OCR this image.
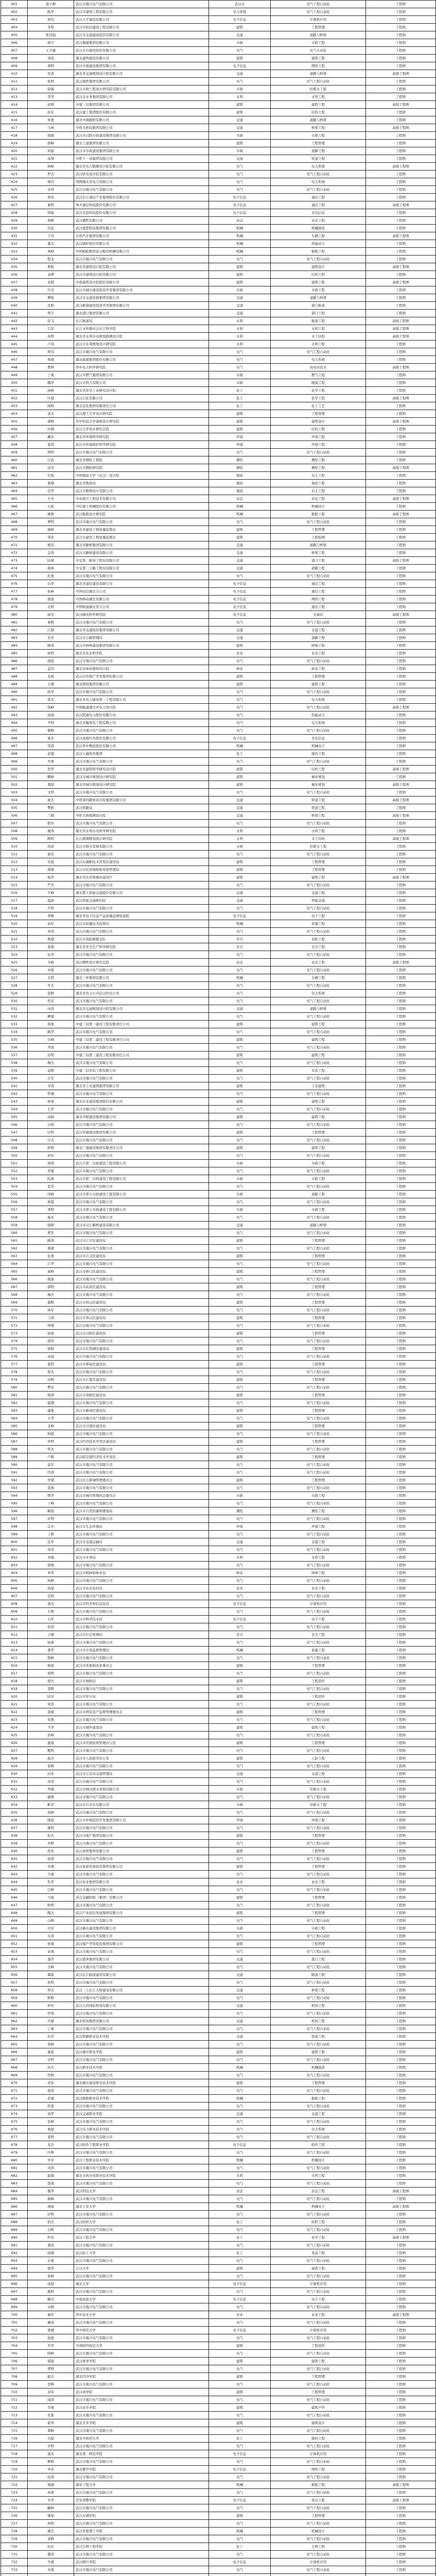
401	唐小辉	武汉市晟兴电气有限公司	武汉市	电气工程自动化	工程师
402	陈华	武汉市建筑工程有限公司	电力系统	电气工程自动化	工程师
403	胡伟	武汉天宇建设有限公司	电子信息	计算机应用	工程师
404	李鸣	武汉市恒信建设工程有限公司	建筑	工程管理	工程师
405	张伟强	武汉市交通建设投资有限公司	交通	道路与桥梁	工程师
406	杨宇	武汉城建集团有限公司	市政	市政工程	工程师
407	王文斌	武汉光谷建设投资有限公司	电气	电气自动化	工程师
408	刘波	湖北建科建设有限公司	建筑	建筑工程	工程师
409	周明	武汉中南建设集团有限公司	电子信息	网络工程	工程师
410	吴涛	湖北省交通规划设计院有限公司	交通	道路与桥梁	高级工程师
411	张明	武汉地铁集团有限公司	电气	电气工程自动化	工程师
412	徐海	武汉市政工程设计研究院有限公司	市政	给排水工程	工程师
413	李华	武汉市水务集团有限公司	水利	水利工程	工程师
414	赵刚	中建三局集团有限公司	建筑	建筑工程	高级工程师
415	孙军	武汉建工集团股份有限公司	建筑	结构工程	工程师
416	朱勇	湖北中南路桥有限公司	交通	道路与桥梁	工程师
417	马林	中铁大桥局集团有限公司	交通	桥梁工程	高级工程师
418	胡斌	武汉市汉阳市政建设集团有限公司	市政	市政工程	工程师
419	郭峰	湖北工建集团有限公司	建筑	工程管理	工程师
420	何磊	武汉市市政建设集团有限公司	市政	道路工程	工程师
421	高翔	中铁十一局集团有限公司	交通	铁道工程	工程师
422	林峰	湖北省电力勘测设计院有限公司	电气	电力系统	高级工程师
423	罗杰	武汉供电设计院有限公司	电气	电气工程自动化	工程师
424	梁伟	国网湖北省电力有限公司	电气	电力系统	工程师
425	宋涛	武汉市晟兴电气有限公司	电气	电气工程自动化	工程师
426	郑军	武汉长江通信产业集团股份有限公司	电子信息	通信工程	工程师
427	谢明	烽火通信科技股份有限公司	电子信息	通信工程	高级工程师
428	韩强	武汉光迅科技股份有限公司	电子信息	光电信息	工程师
429	唐辉	武汉钢铁有限公司	冶金	冶金工程	工程师
430	冯波	武汉重型机床集团有限公司	机械	机械制造	工程师
431	于洋	东风汽车集团有限公司	机械	车辆工程	高级工程师
432	董杰	武汉锅炉股份有限公司	机械	热能动力	工程师
433	萧峰	中国船舶集团武汉船用机械有限公司	机械	船舶工程	工程师
434	程龙	武汉市晟兴电气有限公司	电气	电气工程自动化	工程师
435	曹阳	湖北省建筑设计院有限公司	建筑	建筑设计	高级工程师
436	袁博	武汉市建筑设计院有限公司	建筑	结构工程	工程师
437	邓超	中南建筑设计院股份有限公司	建筑	建筑工程	高级工程师
438	许亮	武汉市城市建设投资开发集团有限公司	市政	市政工程	工程师
439	傅强	武汉市交通发展集团有限公司	交通	道路与桥梁	工程师
440	沈阳	武汉新港建设投资开发集团有限公司	交通	港口航道	工程师
441	曾宇	湖北港口集团有限公司	交通	港口工程	工程师
442	彭飞	长江航道局	水利	航道工程	高级工程师
443	吕军	长江水利委员会长江科学院	水利	水利工程	高级工程师
444	苏明	湖北省水利水电规划勘测设计院	水利	水工结构	高级工程师
445	卢涛	武汉市水利规划设计研究院	水利	水利工程	工程师
446	蒋伟	武汉市晟兴电气有限公司	电气	电气工程自动化	工程师
447	蔡斌	湖北能源集团股份有限公司	电气	电力系统	工程师
448	贾林	华中电力科学研究院	电气	高电压技术	高级工程师
449	丁勇	武汉市燃气集团有限公司	市政	燃气工程	工程师
450	魏华	武汉市热力有限公司	市政	暖通工程	工程师
451	薛峰	湖北省化学工业研究设计院	化工	化学工程	工程师
452	叶磊	武汉石化有限公司	化工	化学工程	高级工程师
453	阎明	湖北宜化集团有限责任公司	化工	化工工艺	工程师
454	余杰	武汉理工大学设计研究院	建筑	工程管理	工程师
455	潘辉	华中科技大学建筑设计研究院	建筑	建筑设计	高级工程师
456	杜刚	武汉大学设计研究总院	建筑	结构工程	工程师
457	戴军	湖北省环境科学研究院	环境	环境工程	工程师
458	夏涛	武汉市环境保护科学研究院	环境	环境工程	工程师
459	钟明	武汉市晟兴电气有限公司	电气	电气工程自动化	工程师
460	汪波	湖北省测绘工程院	测绘	测绘工程	工程师
461	田伟	武汉市测绘研究院	测绘	测绘工程	高级工程师
462	任强	中国地质大学（武汉）设计院	地质	岩土工程	工程师
463	姜斌	湖北省地质局	地质	地质工程	工程师
464	范华	武汉市勘察设计有限公司	地质	岩土工程	工程师
465	方杰	中冶南方工程技术有限公司	冶金	冶金工程	高级工程师
466	石磊	中信重工机械股份有限公司	机械	机械设计	工程师
467	姚辉	武汉船舶设计研究院	机械	船舶工程	高级工程师
468	谭明	武汉市晟兴电气有限公司	电气	电气工程自动化	工程师
469	廖峰	湖北省建设工程质量监督站	建筑	工程管理	工程师
470	邹军	武汉市建设工程质量监督站	建筑	工程检测	工程师
471	熊伟	湖北省路桥集团有限公司	交通	道路与桥梁	工程师
472	金涛	武汉市路桥建设有限公司	交通	桥梁工程	工程师
473	陆斌	中交第二航务工程局有限公司	交通	港口工程	高级工程师
474	郝林	中交第二公路工程局有限公司	交通	道路工程	工程师
475	孔勇	武汉市晟兴电气有限公司	电气	电气工程自动化	工程师
476	白华	湖北省通信建设有限公司	电子信息	通信工程	工程师
477	崔峰	中国电信湖北分公司	电子信息	通信工程	工程师
478	康磊	中国移动湖北有限公司	电子信息	网络工程	工程师
479	毛明	中国联通湖北省分公司	电子信息	通信工程	工程师
480	邱杰	武汉邮电科学研究院	电子信息	光通信	高级工程师
481	秦辉	武汉市晟兴电气有限公司	电气	电气工程自动化	工程师
482	江刚	湖北省交通投资集团有限公司	交通	交通工程	工程师
483	史军	武汉市公路管理局	交通	道路工程	工程师
484	顾涛	武汉市园林建设集团有限公司	建筑	园林工程	工程师
485	侯明	湖北省农业科学院	农业	农业工程	工程师
486	邵波	武汉市晟兴电气有限公司	电气	电气工程自动化	工程师
487	孟伟	湖北省林业勘察设计院	林业	林业工程	工程师
488	龙强	武汉市房地产开发集团有限公司	建筑	工程管理	工程师
489	万斌	湖北联投集团有限公司	建筑	建筑工程	工程师
490	段华	武汉市晟兴电气有限公司	电气	电气工程自动化	工程师
491	雷杰	湖北省电力建设第一工程有限公司	电气	电力系统	工程师
492	钱峰	中国能建湖北省电力设计院	电气	电气工程自动化	高级工程师
493	汤磊	武汉凯迪电力股份有限公司	电气	热能动力	工程师
494	尹明	湖北省輸变电工程有限公司	电气	电力系统	工程师
495	黎辉	武汉市晟兴电气有限公司	电气	电气工程自动化	工程师
496	易军	武汉高德红外股份有限公司	电子信息	光电信息	工程师
497	常涛	武汉华中数控股份有限公司	机械	机械电子	工程师
498	武斌	武汉人福医药集团	化工	制药工程	工程师
499	乔勇	武汉市晟兴电气有限公司	电气	电气工程自动化	工程师
500	贺华	湖北省建筑科学研究设计院	建筑	结构工程	高级工程师
501	赖峰	武汉市城市规划设计研究院	建筑	城乡规划	工程师
502	龚磊	湖北省城市规划设计研究院	建筑	城乡规划	高级工程师
503	文明	武汉市晟兴电气有限公司	电气	电气工程自动化	工程师
504	庞杰	中铁第四勘察设计院集团有限公司	交通	铁道工程	高级工程师
505	樊辉	武汉铁路局	交通	铁道工程	工程师
506	兰刚	中铁大桥勘测设计院	交通	桥梁工程	高级工程师
507	殷军	武汉市晟兴电气有限公司	电气	电气工程自动化	工程师
508	施涛	湖北省水利水电科学研究院	水利	水利工程	工程师
509	陶明	长江勘测规划设计研究院	水利	水工结构	高级工程师
510	洪波	武汉市排水发展有限公司	市政	给排水工程	工程师
511	翟伟	武汉市晟兴电气有限公司	电气	电气工程自动化	工程师
512	安强	武汉东湖新技术开发区建设局	建筑	工程管理	工程师
513	颜斌	武汉市住房保障和房屋管理局	建筑	工程管理	工程师
514	倪华	湖北省住房和城乡建设厅	建筑	建筑工程	高级工程师
515	严杰	武汉市晟兴电气有限公司	电气	电气工程自动化	工程师
516	牛峰	湖北楚天智能交通股份有限公司	交通	交通工程	工程师
517	温磊	武汉智能交通研究院	交通	智能交通	工程师
518	芦明	武汉市晟兴电气有限公司	电气	电气工程自动化	工程师
519	季辉	湖北省电子信息产品质量监督检验院	电子信息	电子工程	工程师
520	俞军	武汉市质量技术监督局	机械	质量工程	工程师
521	章涛	武汉市晟兴电气有限公司	电气	电气工程自动化	工程师
522	鲁斌	武汉市消防救援支队	安全	消防工程	工程师
523	葛勇	湖北省安全生产科学研究院	安全	安全工程	工程师
524	伍华	武汉市晟兴电气有限公司	电气	电气工程自动化	工程师
525	韦峰	武汉钢铁设计研究总院	冶金	冶金工程	高级工程师
526	申磊	武汉市晟兴电气有限公司	电气	电气工程自动化	工程师
527	尤明	湖北三环集团有限公司	机械	车辆工程	工程师
528	毕杰	武汉市晟兴电气有限公司	电气	电气工程自动化	工程师
529	聂辉	湖北省电力公司武汉供电公司	电气	电力系统	工程师
530	焦军	武汉市晟兴电气有限公司	电气	电气工程自动化	工程师
531	向涛	湖北省交通规划设计院有限公司	交通	道路与桥梁	工程师
532	柳斌	武汉市晟兴电气有限公司	电气	电气工程自动化	工程师
533	邢勇	中建三局第一建设工程有限责任公司	建筑	建筑工程	工程师
534	路华	武汉市晟兴电气有限公司	电气	电气工程自动化	工程师
535	岳峰	中建三局第二建设工程有限责任公司	建筑	建筑工程	工程师
536	齐磊	武汉市晟兴电气有限公司	电气	电气工程自动化	工程师
537	沿明	中建三局第三建设工程有限责任公司	建筑	建筑工程	工程师
538	梅杰	武汉市晟兴电气有限公司	电气	电气工程自动化	工程师
539	莫辉	中建三局安装工程有限公司	建筑	安装工程	工程师
540	庄军	武汉市晟兴电气有限公司	电气	电气工程自动化	工程师
541	辛涛	湖北省工业建筑集团有限公司	建筑	工业建筑	工程师
542	管斌	武汉市晟兴电气有限公司	电气	电气工程自动化	工程师
543	祝勇	湖北长安建设集团股份有限公司	建筑	建筑工程	工程师
544	左华	武汉市晟兴电气有限公司	电气	电气工程自动化	工程师
545	涂峰	湖北中阳建设集团有限公司	建筑	建筑工程	工程师
546	谷磊	武汉市晟兴电气有限公司	电气	电气工程自动化	工程师
547	时明	武汉华盛建设集团有限公司	建筑	工程管理	工程师
548	付杰	武汉市晟兴电气有限公司	电气	电气工程自动化	工程师
549	舒辉	湖北广盛建设集团有限责任公司	建筑	建筑工程	工程师
550	屈军	武汉市晟兴电气有限公司	电气	电气工程自动化	工程师
551	项涛	武汉市第二市政建设工程有限公司	市政	市政工程	工程师
552	祁斌	武汉市晟兴电气有限公司	电气	电气工程自动化	工程师
553	阮勇	武汉市第三市政建设工程有限公司	市政	市政工程	工程师
554	蓝华	武汉市晟兴电气有限公司	电气	电气工程自动化	工程师
555	闵峰	武汉市第五市政建设工程有限公司	市政	道路工程	工程师
556	席磊	武汉市晟兴电气有限公司	电气	电气工程自动化	工程师
557	季明	武汉市第七市政建设工程有限公司	市政	市政工程	工程师
558	麻杰	武汉市晟兴电气有限公司	电气	电气工程自动化	工程师
559	强辉	武汉市汉江路桥建设有限公司	交通	道路与桥梁	工程师
560	贾军	武汉市晟兴电气有限公司	电气	电气工程自动化	工程师
561	路涛	武汉市江岸区建设局	建筑	工程管理	工程师
562	娄斌	武汉市晟兴电气有限公司	电气	电气工程自动化	工程师
563	危勇	武汉市江汉区建设局	建筑	工程管理	工程师
564	江华	武汉市晟兴电气有限公司	电气	电气工程自动化	工程师
565	童峰	武汉市硚口区建设局	建筑	工程管理	工程师
566	颜磊	武汉市晟兴电气有限公司	电气	电气工程自动化	工程师
567	郭明	武汉市武昌区建设局	建筑	工程管理	工程师
568	梅杰	武汉市晟兴电气有限公司	电气	电气工程自动化	工程师
569	盛辉	武汉市洪山区建设局	建筑	工程管理	工程师
570	林军	武汉市晟兴电气有限公司	电气	电气工程自动化	工程师
571	刁涛	武汉市青山区建设局	建筑	工程管理	工程师
572	钟斌	武汉市晟兴电气有限公司	电气	电气工程自动化	工程师
573	徐勇	武汉市汉阳区建设局	建筑	工程管理	工程师
574	邱华	武汉市晟兴电气有限公司	电气	电气工程自动化	工程师
575	骆峰	武汉市东西湖区建设局	建筑	工程管理	工程师
576	高磊	武汉市晟兴电气有限公司	电气	电气工程自动化	工程师
577	夏明	武汉市蔡甸区建设局	建筑	工程管理	工程师
578	蔡杰	武汉市晟兴电气有限公司	电气	电气工程自动化	工程师
579	田辉	武汉市江夏区建设局	建筑	工程管理	工程师
580	樊军	武汉市晟兴电气有限公司	电气	电气工程自动化	工程师
581	胡涛	武汉市黄陂区建设局	建筑	工程管理	工程师
582	霍斌	武汉市晟兴电气有限公司	电气	电气工程自动化	工程师
583	虞勇	武汉市新洲区建设局	建筑	工程管理	工程师
584	万华	武汉市晟兴电气有限公司	电气	电气工程自动化	工程师
585	支峰	武汉市汉南区建设局	建筑	工程管理	工程师
586	柯磊	武汉市晟兴电气有限公司	电气	电气工程自动化	工程师
587	昝明	武汉经济技术开发区建设局	建筑	工程管理	工程师
588	管杰	武汉市晟兴电气有限公司	电气	电气工程自动化	工程师
589	卢辉	武汉临空港经济技术开发区	建筑	工程管理	工程师
590	莫军	武汉市晟兴电气有限公司	电气	电气工程自动化	工程师
591	经涛	武汉市晟兴电气有限公司	电气	电气工程自动化	工程师
592	房斌	武汉长江新城管理委员会	建筑	工程管理	工程师
593	裘勇	武汉市晟兴电气有限公司	电气	电气工程自动化	工程师
594	缪华	武汉市城市管理执法委员会	市政	市政工程	工程师
595	干峰	武汉市晟兴电气有限公司	电气	电气工程自动化	工程师
596	解磊	武汉市自然资源和规划局	测绘	测绘工程	工程师
597	应明	武汉市晟兴电气有限公司	电气	电气工程自动化	工程师
598	宗杰	武汉市生态环境局	环境	环境工程	工程师
599	丁辉	武汉市晟兴电气有限公司	电气	电气工程自动化	工程师
600	宣军	武汉市交通运输局	交通	交通工程	工程师
601	贲涛	武汉市晟兴电气有限公司	电气	电气工程自动化	工程师
602	邓斌	武汉市水务局	水利	水利工程	工程师
603	郁勇	武汉市晟兴电气有限公司	电气	电气工程自动化	工程师
604	单华	武汉市园林和林业局	林业	园林工程	工程师
605	杭峰	武汉市晟兴电气有限公司	电气	电气工程自动化	工程师
606	洪磊	武汉市农业农村局	农业	农业工程	工程师
607	包明	武汉市晟兴电气有限公司	电气	电气工程自动化	工程师
608	诸杰	武汉市经济和信息化局	电子信息	计算机应用	工程师
609	左辉	武汉市晟兴电气有限公司	电气	电气工程自动化	工程师
610	石军	武汉市科学技术局	电子信息	电子工程	工程师
611	崔涛	武汉市晟兴电气有限公司	电气	电气工程自动化	工程师
612	吉斌	武汉市应急管理局	安全	安全工程	工程师
613	钮勇	武汉市晟兴电气有限公司	电气	电气工程自动化	工程师
614	龚华	武汉市市场监督管理局	机械	质量工程	工程师
615	程峰	武汉市晟兴电气有限公司	电气	电气工程自动化	工程师
616	嵇磊	武汉市发展和改革委员会	建筑	工程管理	工程师
617	邢明	武汉市晟兴电气有限公司	电气	电气工程自动化	工程师
618	滑杰	武汉市财政局	建筑	工程造价	工程师
619	裴辉	武汉市晟兴电气有限公司	电气	电气工程自动化	工程师
620	陆军	武汉市审计局	建筑	工程造价	工程师
621	荣涛	武汉市晟兴电气有限公司	电气	电气工程自动化	工程师
622	翁斌	武汉市国有资产监督管理委员会	建筑	工程管理	工程师
623	荀勇	武汉市晟兴电气有限公司	电气	电气工程自动化	工程师
624	羊华	武汉市城乡建设局	建筑	建筑工程	工程师
625	於峰	武汉市晟兴电气有限公司	电气	电气工程自动化	工程师
626	惠磊	武汉市房屋征收管理办公室	建筑	工程管理	工程师
627	甄明	武汉市晟兴电气有限公司	电气	电气工程自动化	工程师
628	曲杰	武汉市人民防空办公室	建筑	人防工程	工程师
629	家辉	武汉市晟兴电气有限公司	电气	电气工程自动化	工程师
630	封军	武汉市公安局交通管理局	交通	交通工程	工程师
631	芮涛	武汉市晟兴电气有限公司	电气	电气工程自动化	工程师
632	羿斌	武汉市城市排水发展有限公司	市政	给排水工程	工程师
633	储勇	武汉市晟兴电气有限公司	电气	电气工程自动化	工程师
634	靳华	武汉市自来水有限公司	市政	给排水工程	工程师
635	汲峰	武汉市晟兴电气有限公司	电气	电气工程自动化	工程师
636	邴磊	武汉市环境投资开发集团有限公司	环境	环境工程	工程师
637	糜明	武汉市晟兴电气有限公司	电气	电气工程自动化	工程师
638	松杰	武汉市地产集团有限公司	建筑	工程管理	工程师
639	井辉	武汉市晟兴电气有限公司	电气	电气工程自动化	工程师
640	段军	武汉商贸集团有限公司	建筑	工程管理	工程师
641	富涛	武汉市晟兴电气有限公司	电气	电气工程自动化	工程师
642	巫斌	武汉旅游发展投资集团有限公司	建筑	工程管理	工程师
643	乌勇	武汉市晟兴电气有限公司	电气	电气工程自动化	工程师
644	焦华	武汉农业集团有限公司	农业	农业工程	工程师
645	巴峰	武汉市晟兴电气有限公司	电气	电气工程自动化	工程师
646	弓磊	武汉金融控股（集团）有限公司	建筑	工程管理	工程师
647	牧明	武汉市晟兴电气有限公司	电气	电气工程自动化	工程师
648	隗杰	武汉产业投资发展集团有限公司	建筑	工程管理	工程师
649	山辉	武汉市晟兴电气有限公司	电气	电气工程自动化	工程师
650	谷军	武汉城市建设集团有限公司	市政	市政工程	工程师
651	车涛	武汉市晟兴电气有限公司	电气	电气工程自动化	工程师
652	侯斌	武汉地产开发投资集团有限公司	建筑	工程管理	工程师
653	宓勇	武汉市晟兴电气有限公司	电气	电气工程自动化	工程师
654	蓬华	武汉港务集团有限公司	交通	港口工程	工程师
655	全峰	武汉市晟兴电气有限公司	电气	电气工程自动化	工程师
656	郗磊	武汉长江隧道建设有限公司	交通	隧道工程	工程师
657	班明	武汉市晟兴电气有限公司	电气	电气工程自动化	工程师
658	仰杰	武汉二七长江大桥建设有限公司	交通	桥梁工程	工程师
659	秋辉	武汉市晟兴电气有限公司	电气	电气工程自动化	工程师
660	仲军	武汉天河国际机场有限公司	交通	机场工程	工程师
661	伊涛	武汉市晟兴电气有限公司	电气	电气工程自动化	工程师
662	宫斌	湖北机场集团有限公司	交通	机场工程	工程师
663	宁勇	武汉市晟兴电气有限公司	电气	电气工程自动化	工程师
664	仇华	武汉铁路职业技术学院	交通	铁道工程	工程师
665	栾峰	武汉市晟兴电气有限公司	电气	电气工程自动化	工程师
666	暴磊	武汉城市职业学院	建筑	建筑工程	工程师
667	甘明	武汉市晟兴电气有限公司	电气	电气工程自动化	工程师
668	钭杰	武汉职业技术学院	机械	机械制造	工程师
669	厉辉	武汉市晟兴电气有限公司	电气	电气工程自动化	工程师
670	戎军	湖北城市建设职业技术学院	建筑	工程管理	工程师
671	祖涛	武汉市晟兴电气有限公司	电气	电气工程自动化	工程师
672	武斌	武汉船舶职业技术学院	机械	船舶工程	工程师
673	符勇	武汉市晟兴电气有限公司	电气	电气工程自动化	工程师
674	刘华	武汉交通职业学院	交通	交通工程	工程师
675	景峰	武汉市晟兴电气有限公司	电气	电气工程自动化	工程师
676	詹磊	武汉电力职业技术学院	电气	电力系统	工程师
677	束明	武汉市晟兴电气有限公司	电气	电气工程自动化	工程师
678	龙杰	武汉软件工程职业学院	电子信息	软件工程	工程师
679	叶辉	武汉市晟兴电气有限公司	电气	电气工程自动化	工程师
680	幸军	武汉工程职业技术学院	机械	机械设计	工程师
681	司涛	武汉市晟兴电气有限公司	电气	电气工程自动化	工程师
682	韶斌	湖北水利水电职业技术学院	水利	水利工程	工程师
683	郜勇	武汉市晟兴电气有限公司	电气	电气工程自动化	工程师
684	黎华	武汉科技大学	冶金	冶金工程	高级工程师
685	蓟峰	武汉市晟兴电气有限公司	电气	电气工程自动化	工程师
686	薄磊	湖北工业大学	机械	机械电子	高级工程师
687	印明	武汉市晟兴电气有限公司	电气	电气工程自动化	工程师
688	宿杰	武汉纺织大学	化工	纺织工程	工程师
689	白辉	武汉市晟兴电气有限公司	电气	电气工程自动化	工程师
690	怀军	武汉工程大学	化工	化学工程	高级工程师
691	蒲涛	武汉市晟兴电气有限公司	电气	电气工程自动化	工程师
692	邰斌	武汉轻工大学	化工	食品工程	工程师
693	从勇	武汉市晟兴电气有限公司	电气	电气工程自动化	工程师
694	鄂华	江汉大学	建筑	建筑工程	工程师
695	索峰	武汉市晟兴电气有限公司	电气	电气工程自动化	工程师
696	咸磊	湖北大学	电子信息	计算机应用	工程师
697	籍明	武汉市晟兴电气有限公司	电气	电气工程自动化	工程师
698	赖杰	中南民族大学	电子信息	电子工程	工程师
699	卓辉	武汉市晟兴电气有限公司	电气	电气工程自动化	工程师
700	蔺军	华中农业大学	农业	农业工程	高级工程师
701	屠涛	武汉市晟兴电气有限公司	电气	电气工程自动化	工程师
702	蒙斌	华中师范大学	电子信息	计算机应用	工程师
703	池勇	武汉市晟兴电气有限公司	电气	电气工程自动化	工程师
704	乔华	中南财经政法大学	建筑	工程造价	工程师
705	阴峰	武汉市晟兴电气有限公司	电气	电气工程自动化	工程师
706	郁磊	武汉体育学院	建筑	建筑工程	工程师
707	胥明	武汉市晟兴电气有限公司	电气	电气工程自动化	工程师
708	能杰	湖北经济学院	建筑	工程管理	工程师
709	苍辉	武汉市晟兴电气有限公司	电气	电气工程自动化	工程师
710	双军	武汉商学院	建筑	工程管理	工程师
711	闻涛	武汉市晟兴电气有限公司	电气	电气工程自动化	工程师
712	莘斌	武汉音乐学院	建筑	建筑声学	工程师
713	党勇	武汉市晟兴电气有限公司	电气	电气工程自动化	工程师
714	翟华	湖北美术学院	建筑	建筑设计	工程师
715	谭峰	武汉市晟兴电气有限公司	电气	电气工程自动化	工程师
716	贡磊	湖北中医药大学	化工	制药工程	工程师
717	劳明	武汉市晟兴电气有限公司	电气	电气工程自动化	工程师
718	逄杰	湖北第二师范学院	电子信息	计算机应用	工程师
719	姬辉	武汉市晟兴电气有限公司	电气	电气工程自动化	工程师
720	申军	湖北警官学院	电子信息	网络工程	工程师
721	扶涛	武汉市晟兴电气有限公司	电气	电气工程自动化	工程师
722	堵斌	海军工程大学	机械	船舶工程	高级工程师
723	冉勇	武汉市晟兴电气有限公司	电气	电气工程自动化	工程师
724	宰华	空军预警学院	电子信息	雷达工程	高级工程师
725	郦峰	武汉市晟兴电气有限公司	电气	电气工程自动化	工程师
726	雍磊	武汉东湖学院	建筑	工程管理	工程师
727	却明	武汉市晟兴电气有限公司	电气	电气工程自动化	工程师
728	璩杰	武汉华夏理工学院	机械	机械设计	工程师
729	桑辉	武汉市晟兴电气有限公司	电气	电气工程自动化	工程师
730	桂军	武汉生物工程学院	化工	生物工程	工程师
731	濮涛	武汉市晟兴电气有限公司	电气	电气工程自动化	工程师
732	牛斌	武汉晴川学院	电子信息	计算机应用	工程师
733	寿勇	武汉市晟兴电气有限公司	电气	电气工程自动化	工程师
